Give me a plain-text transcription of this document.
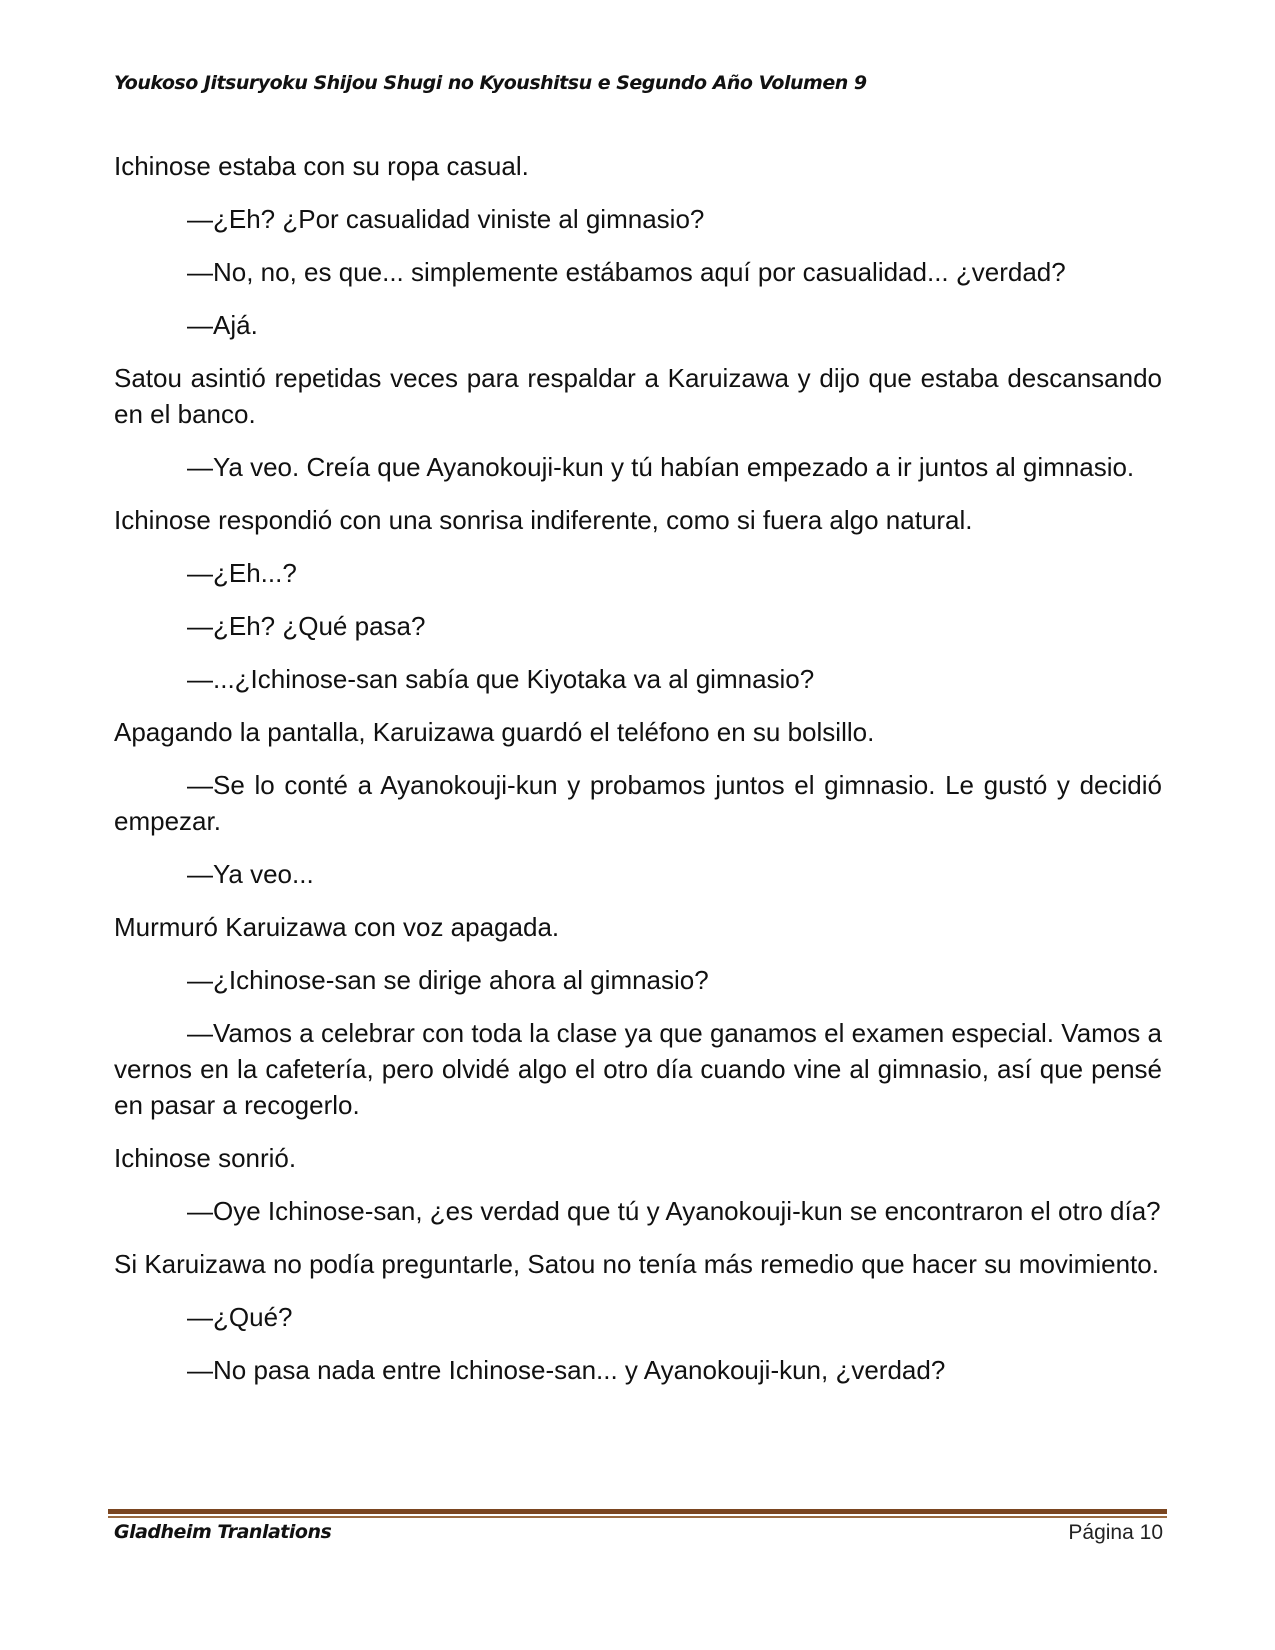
Youkoso Jitsuryoku Shijou Shugi no Kyoushitsu e Segundo Año Volumen 9

Ichinose estaba con su ropa casual.

—¿Eh? ¿Por casualidad viniste al gimnasio?

—No, no, es que... simplemente estábamos aquí por casualidad... ¿verdad?

—Ajá.

Satou asintió repetidas veces para respaldar a Karuizawa y dijo que estaba descansando en el banco.

—Ya veo. Creía que Ayanokouji-kun y tú habían empezado a ir juntos al gimnasio.

Ichinose respondió con una sonrisa indiferente, como si fuera algo natural.

—¿Eh...?

—¿Eh? ¿Qué pasa?

—...¿Ichinose-san sabía que Kiyotaka va al gimnasio?

Apagando la pantalla, Karuizawa guardó el teléfono en su bolsillo.

—Se lo conté a Ayanokouji-kun y probamos juntos el gimnasio. Le gustó y decidió empezar.

—Ya veo...

Murmuró Karuizawa con voz apagada.

—¿Ichinose-san se dirige ahora al gimnasio?

—Vamos a celebrar con toda la clase ya que ganamos el examen especial. Vamos a vernos en la cafetería, pero olvidé algo el otro día cuando vine al gimnasio, así que pensé en pasar a recogerlo.

Ichinose sonrió.

—Oye Ichinose-san, ¿es verdad que tú y Ayanokouji-kun se encontraron el otro día?

Si Karuizawa no podía preguntarle, Satou no tenía más remedio que hacer su movimiento.

—¿Qué?

—No pasa nada entre Ichinose-san... y Ayanokouji-kun, ¿verdad?

Gladheim Tranlations	Página 10
